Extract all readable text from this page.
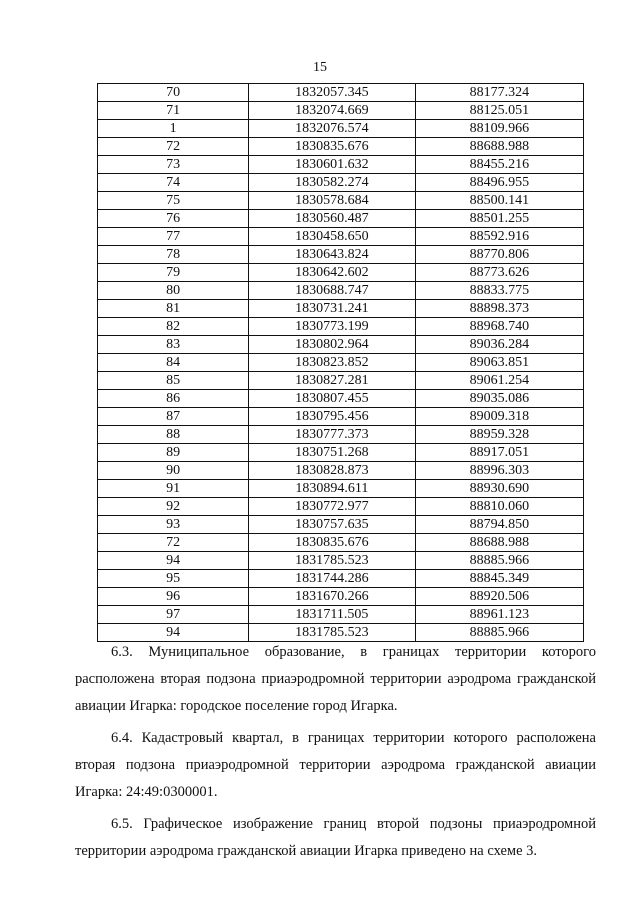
15
70	1832057.345	88177.324
71	1832074.669	88125.051
1	1832076.574	88109.966
72	1830835.676	88688.988
73	1830601.632	88455.216
74	1830582.274	88496.955
75	1830578.684	88500.141
76	1830560.487	88501.255
77	1830458.650	88592.916
78	1830643.824	88770.806
79	1830642.602	88773.626
80	1830688.747	88833.775
81	1830731.241	88898.373
82	1830773.199	88968.740
83	1830802.964	89036.284
84	1830823.852	89063.851
85	1830827.281	89061.254
86	1830807.455	89035.086
87	1830795.456	89009.318
88	1830777.373	88959.328
89	1830751.268	88917.051
90	1830828.873	88996.303
91	1830894.611	88930.690
92	1830772.977	88810.060
93	1830757.635	88794.850
72	1830835.676	88688.988
94	1831785.523	88885.966
95	1831744.286	88845.349
96	1831670.266	88920.506
97	1831711.505	88961.123
94	1831785.523	88885.966

6.3. Муниципальное образование, в границах территории которого расположена вторая подзона приаэродромной территории аэродрома гражданской авиации Игарка: городское поселение город Игарка.

6.4. Кадастровый квартал, в границах территории которого расположена вторая подзона приаэродромной территории аэродрома гражданской авиации Игарка: 24:49:0300001.

6.5. Графическое изображение границ второй подзоны приаэродромной территории аэродрома гражданской авиации Игарка приведено на схеме 3.
